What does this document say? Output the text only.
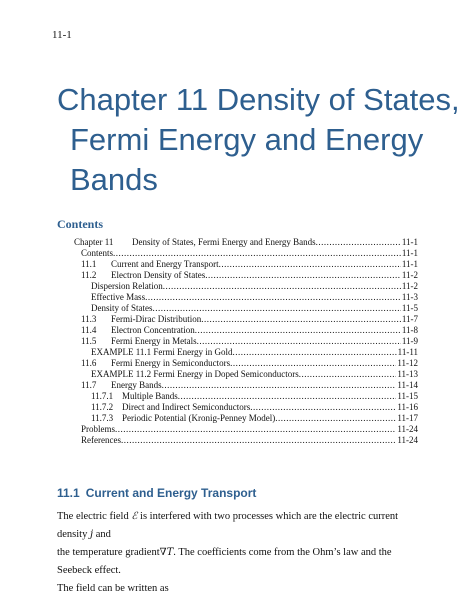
11-1
Chapter 11 Density of States,
Fermi Energy and Energy
Bands
Contents
Chapter 11	Density of States, Fermi Energy and Energy Bands .....	11-1
Contents .....	11-1
11.1	Current and Energy Transport .....	11-1
11.2	Electron Density of States .....	11-2
Dispersion Relation .....	11-2
Effective Mass .....	11-3
Density of States .....	11-5
11.3	Fermi-Dirac Distribution .....	11-7
11.4	Electron Concentration .....	11-8
11.5	Fermi Energy in Metals .....	11-9
EXAMPLE 11.1 Fermi Energy in Gold .....	11-11
11.6	Fermi Energy in Semiconductors .....	11-12
EXAMPLE 11.2 Fermi Energy in Doped Semiconductors .....	11-13
11.7	Energy Bands .....	11-14
11.7.1 Multiple Bands .....	11-15
11.7.2 Direct and Indirect Semiconductors .....	11-16
11.7.3 Periodic Potential (Kronig-Penney Model) .....	11-17
Problems .....	11-24
References .....	11-24
11.1 Current and Energy Transport

The electric field ℰ is interfered with two processes which are the electric current density j and

the temperature gradient∇T. The coefficients come from the Ohm’s law and the Seebeck effect.

The field can be written as
